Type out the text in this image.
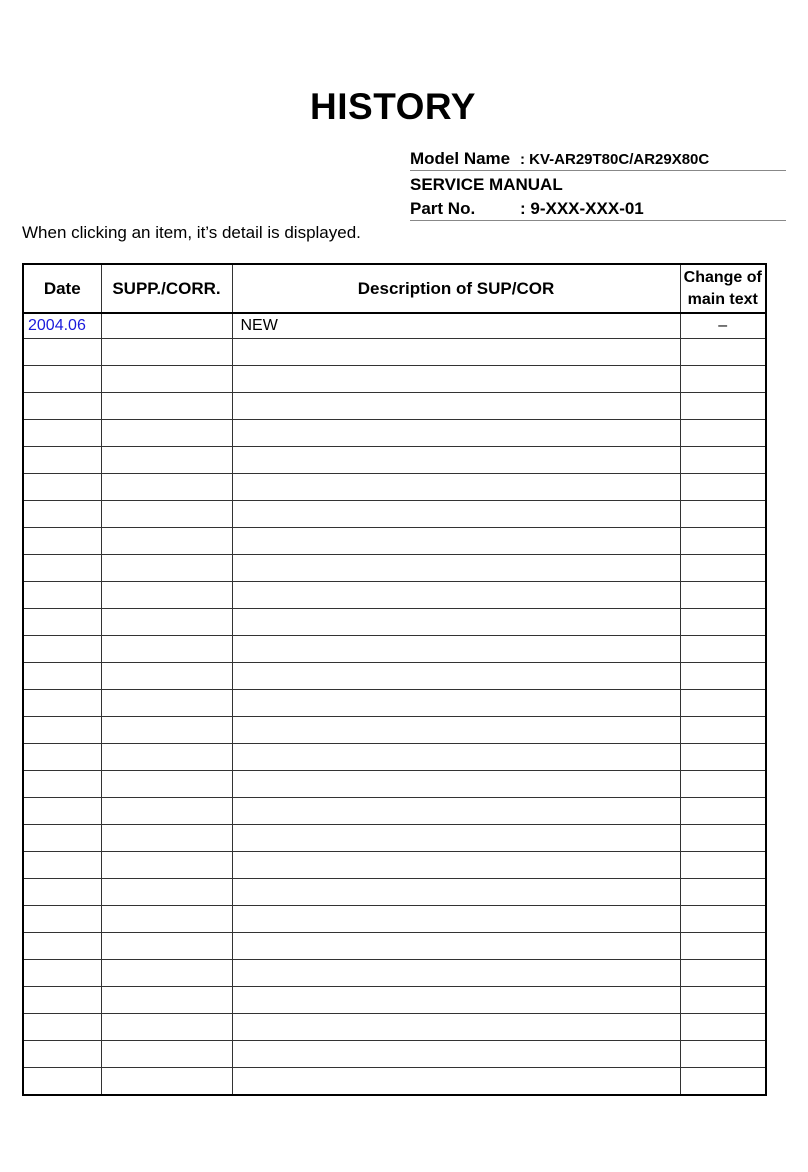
HISTORY
Model Name : KV-AR29T80C/AR29X80C
SERVICE MANUAL
Part No.	: 9-XXX-XXX-01
When clicking an item, it’s detail is displayed.
Date	SUPP./CORR.	Description of SUP/COR	Change of main text
2004.06		NEW	–
